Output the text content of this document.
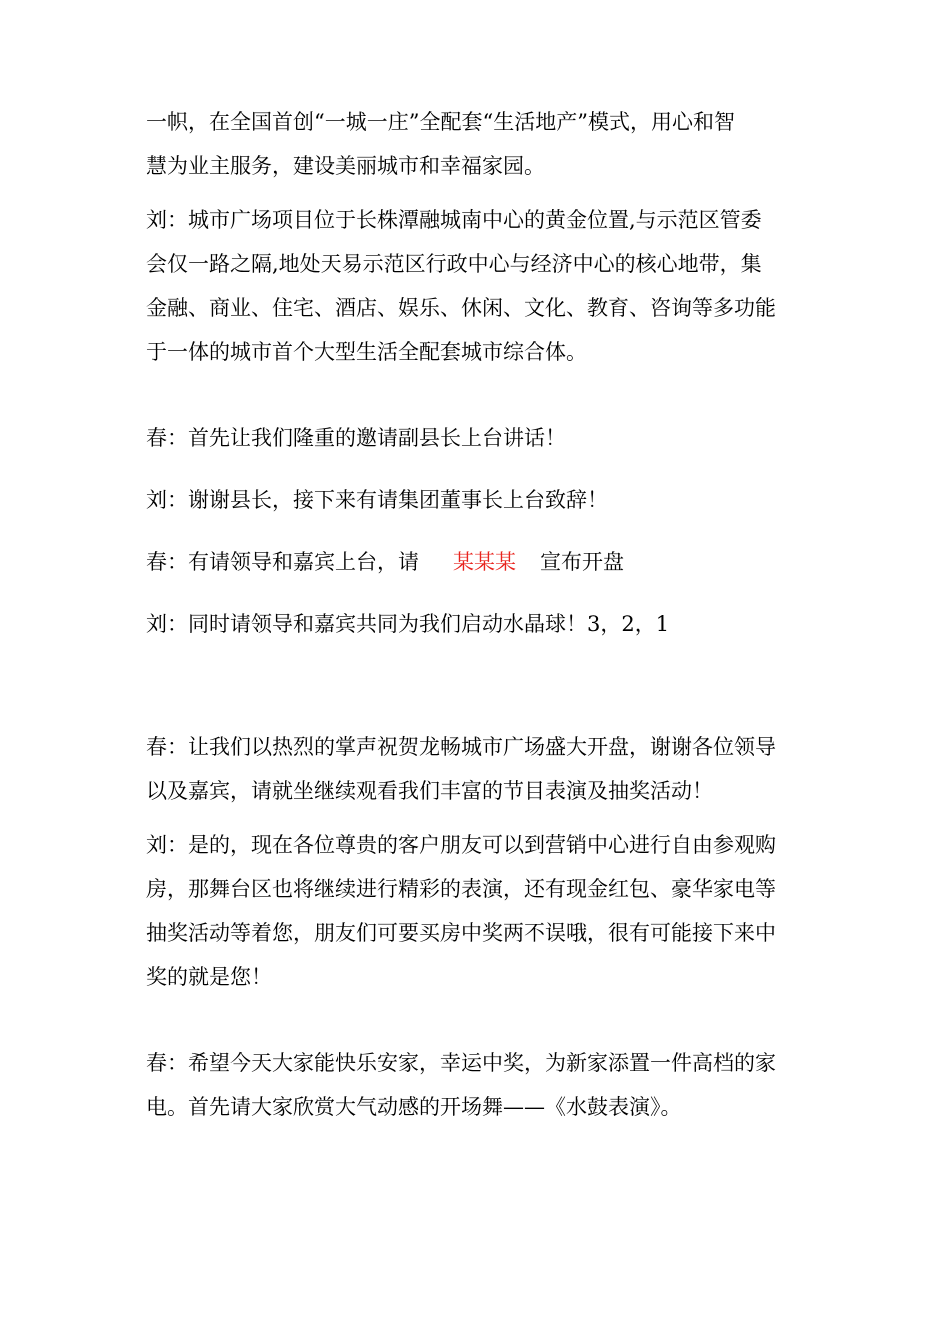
一帜，在全国首创“一城一庄”全配套“生活地产”模式，用心和智
慧为业主服务，建设美丽城市和幸福家园。
刘：城市广场项目位于长株潭融城南中心的黄金位置,与示范区管委
会仅一路之隔,地处天易示范区行政中心与经济中心的核心地带，集
金融、商业、住宅、酒店、娱乐、休闲、文化、教育、咨询等多功能
于一体的城市首个大型生活全配套城市综合体。
春：首先让我们隆重的邀请副县长上台讲话！
刘：谢谢县长，接下来有请集团董事长上台致辞！
春：有请领导和嘉宾上台，请 某某某 宣布开盘
刘：同时请领导和嘉宾共同为我们启动水晶球！3，2，1
春：让我们以热烈的掌声祝贺龙畅城市广场盛大开盘，谢谢各位领导
以及嘉宾，请就坐继续观看我们丰富的节目表演及抽奖活动！
刘：是的，现在各位尊贵的客户朋友可以到营销中心进行自由参观购
房，那舞台区也将继续进行精彩的表演，还有现金红包、豪华家电等
抽奖活动等着您，朋友们可要买房中奖两不误哦，很有可能接下来中
奖的就是您！
春：希望今天大家能快乐安家，幸运中奖，为新家添置一件高档的家
电。首先请大家欣赏大气动感的开场舞——《水鼓表演》。
